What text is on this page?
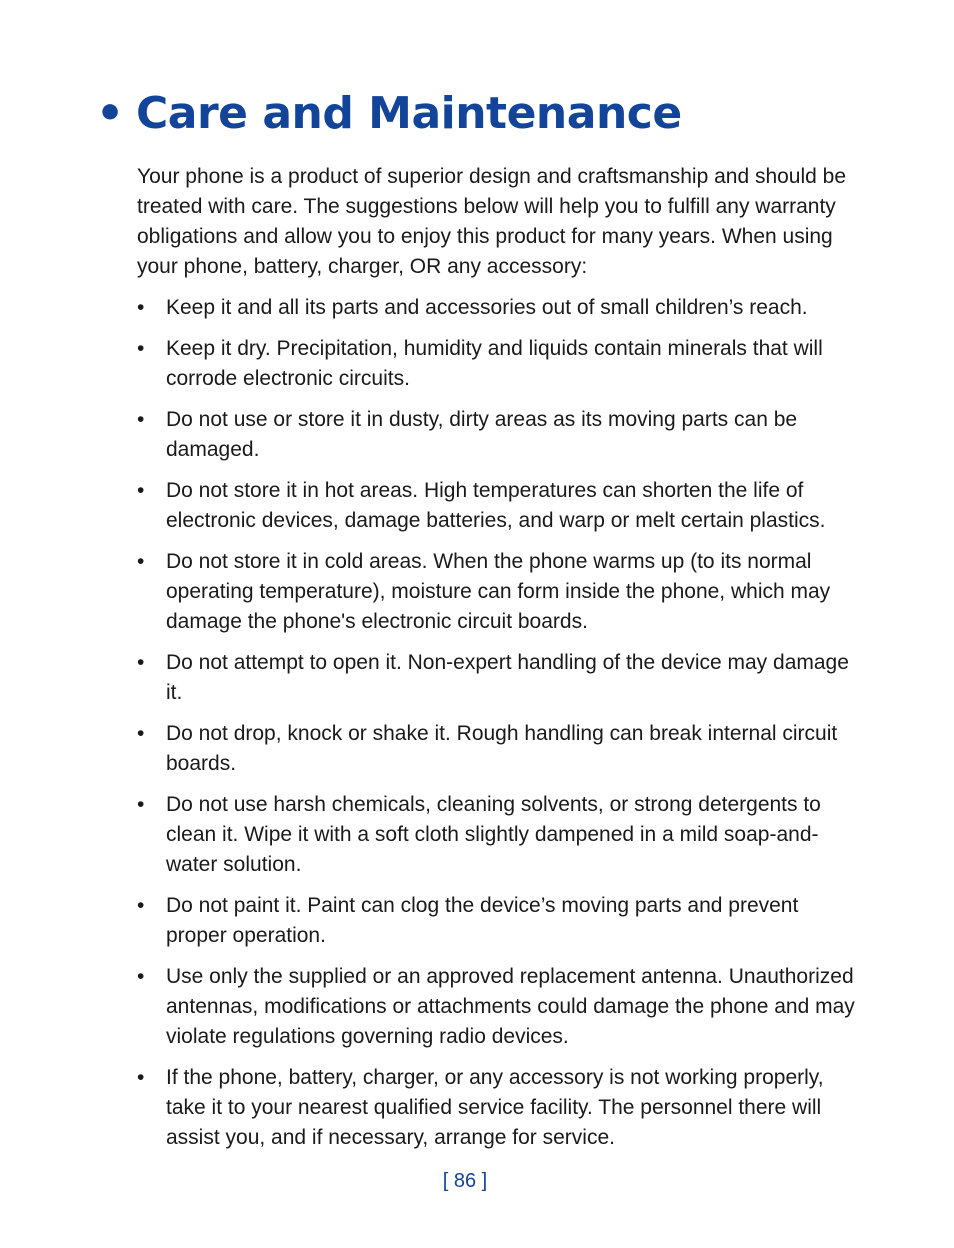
• Care and Maintenance

Your phone is a product of superior design and craftsmanship and should be treated with care. The suggestions below will help you to fulfill any warranty obligations and allow you to enjoy this product for many years. When using your phone, battery, charger, OR any accessory:

• Keep it and all its parts and accessories out of small children’s reach.
• Keep it dry. Precipitation, humidity and liquids contain minerals that will corrode electronic circuits.
• Do not use or store it in dusty, dirty areas as its moving parts can be damaged.
• Do not store it in hot areas. High temperatures can shorten the life of electronic devices, damage batteries, and warp or melt certain plastics.
• Do not store it in cold areas. When the phone warms up (to its normal operating temperature), moisture can form inside the phone, which may damage the phone's electronic circuit boards.
• Do not attempt to open it. Non-expert handling of the device may damage it.
• Do not drop, knock or shake it. Rough handling can break internal circuit boards.
• Do not use harsh chemicals, cleaning solvents, or strong detergents to clean it. Wipe it with a soft cloth slightly dampened in a mild soap-and-water solution.
• Do not paint it. Paint can clog the device’s moving parts and prevent proper operation.
• Use only the supplied or an approved replacement antenna. Unauthorized antennas, modifications or attachments could damage the phone and may violate regulations governing radio devices.
• If the phone, battery, charger, or any accessory is not working properly, take it to your nearest qualified service facility. The personnel there will assist you, and if necessary, arrange for service.
[ 86 ]
